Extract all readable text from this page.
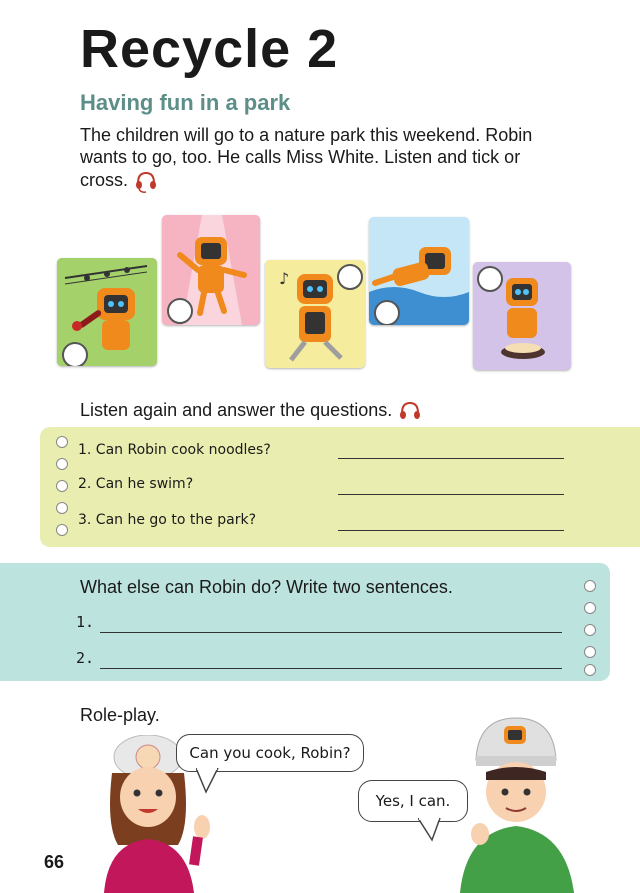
Recycle 2
Having fun in a park
The children will go to a nature park this weekend. Robin wants to go, too. He calls Miss White. Listen and tick or cross.
♪
Listen again and answer the questions.
1. Can Robin cook noodles?
2. Can he swim?
3. Can he go to the park?
What else can Robin do? Write two sentences.
1.
2.
Role-play.
Can you cook, Robin?
Yes, I can.
66
